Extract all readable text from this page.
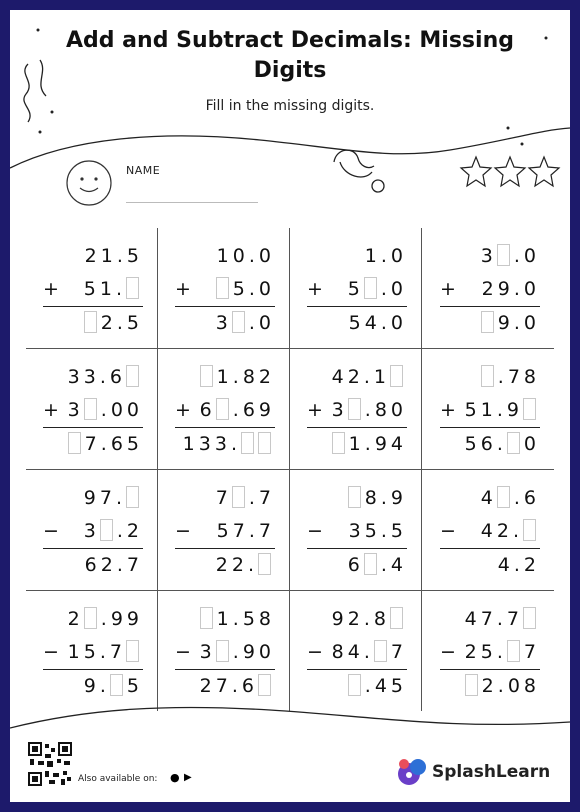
Add and Subtract Decimals: Missing Digits
Fill in the missing digits.
NAME
21.5
+ 51.
2.5
10.0
+ 5.0
3 .0
1.0
+ 5 .0
54.0
3 .0
+ 29.0
9.0
33.6
+ 3 .00
7.65
1.82
+ 6 .69
133.
42.1
+ 3 .80
1.94
.78
+ 51.9
56. 0
97.
− 3 .2
62.7
7 .7
− 57.7
22.
8.9
− 35.5
6 .4
4 .6
− 42.
4.2
2 .99
− 15.7
9. 5
1.58
− 3 .90
27.6
92.8
− 84. 7
.45
47.7
− 25. 7
2.08
Also available on: ● ▶	SplashLearn
